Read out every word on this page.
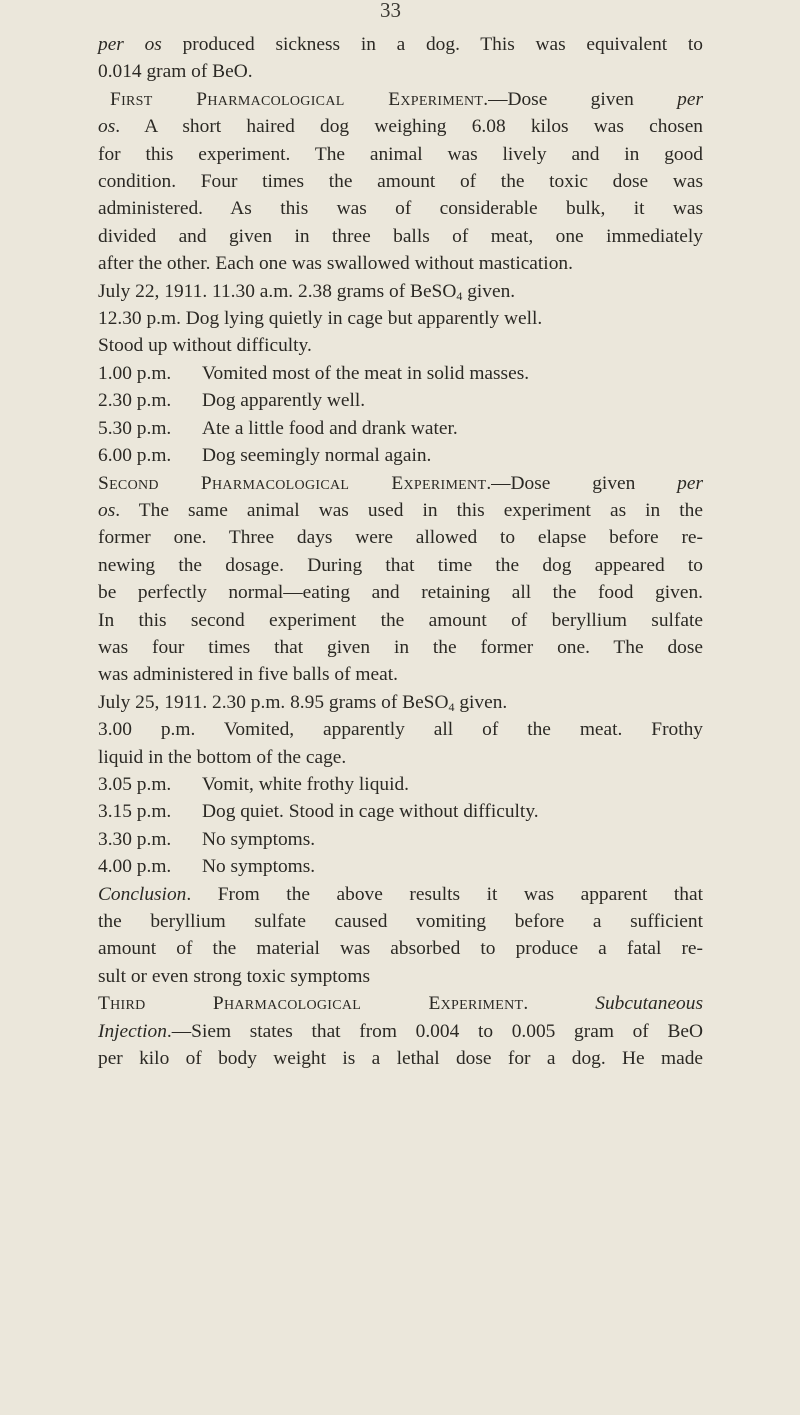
33
per os produced sickness in a dog. This was equivalent to
0.014 gram of BeO.
First Pharmacological Experiment.—Dose given per
os. A short haired dog weighing 6.08 kilos was chosen
for this experiment. The animal was lively and in good
condition. Four times the amount of the toxic dose was
administered. As this was of considerable bulk, it was
divided and given in three balls of meat, one immediately
after the other. Each one was swallowed without mastication.
July 22, 1911. 11.30 a.m. 2.38 grams of BeSO$_4$ given.
12.30 p.m. Dog lying quietly in cage but apparently well.
Stood up without difficulty.
1.00 p.m. Vomited most of the meat in solid masses.
2.30 p.m. Dog apparently well.
5.30 p.m. Ate a little food and drank water.
6.00 p.m. Dog seemingly normal again.
Second Pharmacological Experiment.—Dose given per
os. The same animal was used in this experiment as in the
former one. Three days were allowed to elapse before re-
newing the dosage. During that time the dog appeared to
be perfectly normal—eating and retaining all the food given.
In this second experiment the amount of beryllium sulfate
was four times that given in the former one. The dose
was administered in five balls of meat.
July 25, 1911. 2.30 p.m. 8.95 grams of BeSO$_4$ given.
3.00 p.m. Vomited, apparently all of the meat. Frothy
liquid in the bottom of the cage.
3.05 p.m. Vomit, white frothy liquid.
3.15 p.m. Dog quiet. Stood in cage without difficulty.
3.30 p.m. No symptoms.
4.00 p.m. No symptoms.
Conclusion. From the above results it was apparent that
the beryllium sulfate caused vomiting before a sufficient
amount of the material was absorbed to produce a fatal re-
sult or even strong toxic symptoms
Third Pharmacological Experiment. Subcutaneous
Injection.—Siem states that from 0.004 to 0.005 gram of BeO
per kilo of body weight is a lethal dose for a dog. He made
